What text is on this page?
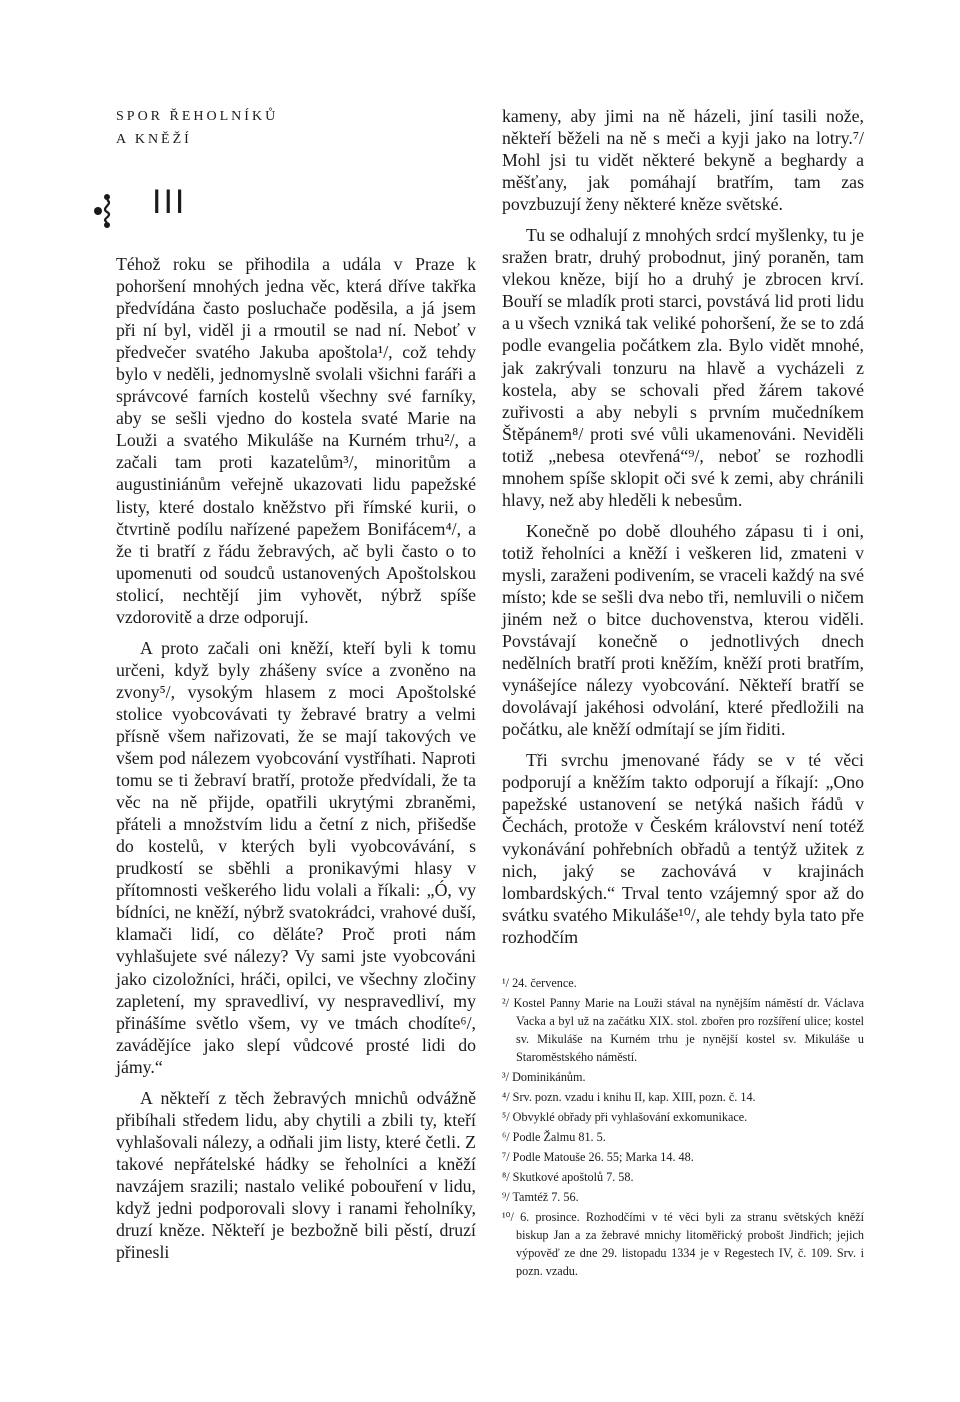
SPOR ŘEHOLNÍKŮ

A KNĚŽÍ

III

Téhož roku se přihodila a udála v Praze k pohoršení mnohých jedna věc, která dříve takřka předvídána často posluchače poděsila, a já jsem při ní byl, viděl ji a rmoutil se nad ní. Neboť v předvečer svatého Jakuba apoštola¹/, což tehdy bylo v neděli, jednomyslně svolali všichni faráři a správcové farních kostelů všechny své farníky, aby se sešli vjedno do kostela svaté Marie na Louži a svatého Mikuláše na Kurném trhu²/, a začali tam proti kazatelům³/, minoritům a augustiniánům veřejně ukazovati lidu papežské listy, které dostalo kněžstvo při římské kurii, o čtvrtině podílu nařízené papežem Bonifácem⁴/, a že ti bratří z řádu žebravých, ač byli často o to upomenuti od soudců ustanovených Apoštolskou stolicí, nechtějí jim vyhovět, nýbrž spíše vzdorovitě a drze odporují.

A proto začali oni kněží, kteří byli k tomu určeni, když byly zhášeny svíce a zvoněno na zvony⁵/, vysokým hlasem z moci Apoštolské stolice vyobcovávati ty žebravé bratry a velmi přísně všem nařizovati, že se mají takových ve všem pod nálezem vyobcování vystříhati. Naproti tomu se ti žebraví bratří, protože předvídali, že ta věc na ně přijde, opatřili ukrytými zbraněmi, přáteli a množstvím lidu a četní z nich, přišedše do kostelů, v kterých byli vyobcovávání, s prudkostí se sběhli a pronikavými hlasy v přítomnosti veškerého lidu volali a říkali: „Ó, vy bídníci, ne kněží, nýbrž svatokrádci, vrahové duší, klamači lidí, co děláte? Proč proti nám vyhlašujete své nálezy? Vy sami jste vyobcováni jako cizoložníci, hráči, opilci, ve všechny zločiny zapletení, my spravedliví, vy nespravedliví, my přinášíme světlo všem, vy ve tmách chodíte⁶/, zavádějíce jako slepí vůdcové prosté lidi do jámy.“

A někteří z těch žebravých mnichů odvážně přibíhali středem lidu, aby chytili a zbili ty, kteří vyhlašovali nálezy, a odňali jim listy, které četli. Z takové nepřátelské hádky se řeholníci a kněží navzájem srazili; nastalo veliké pobouření v lidu, když jedni podporovali slovy i ranami řeholníky, druzí kněze. Někteří je bezbožně bili pěstí, druzí přinesli

kameny, aby jimi na ně házeli, jiní tasili nože, někteří běželi na ně s meči a kyji jako na lotry.⁷/ Mohl jsi tu vidět některé bekyně a beghardy a měšťany, jak pomáhají bratřím, tam zas povzbuzují ženy některé kněze světské.

Tu se odhalují z mnohých srdcí myšlenky, tu je sražen bratr, druhý probodnut, jiný poraněn, tam vlekou kněze, bijí ho a druhý je zbrocen krví. Bouří se mladík proti starci, povstává lid proti lidu a u všech vzniká tak veliké pohoršení, že se to zdá podle evangelia počátkem zla. Bylo vidět mnohé, jak zakrývali tonzuru na hlavě a vycházeli z kostela, aby se schovali před žárem takové zuřivosti a aby nebyli s prvním mučedníkem Štěpánem⁸/ proti své vůli ukamenováni. Neviděli totiž „nebesa otevřená“⁹/, neboť se rozhodli mnohem spíše sklopit oči své k zemi, aby chránili hlavy, než aby hleděli k nebesům.

Konečně po době dlouhého zápasu ti i oni, totiž řeholníci a kněží i veškeren lid, zmateni v mysli, zaraženi podivením, se vraceli každý na své místo; kde se sešli dva nebo tři, nemluvili o ničem jiném než o bitce duchovenstva, kterou viděli. Povstávají konečně o jednotlivých dnech nedělních bratří proti kněžím, kněží proti bratřím, vynášejíce nálezy vyobcování. Někteří bratří se dovolávají jakéhosi odvolání, které předložili na počátku, ale kněží odmítají se jím řiditi.

Tři svrchu jmenované řády se v té věci podporují a kněžím takto odporují a říkají: „Ono papežské ustanovení se netýká našich řádů v Čechách, protože v Českém království není totéž vykonávání pohřebních obřadů a tentýž užitek z nich, jaký se zachovává v krajinách lombardských.“ Trval tento vzájemný spor až do svátku svatého Mikuláše¹⁰/, ale tehdy byla tato pře rozhodčím

¹/ 24. července.

²/ Kostel Panny Marie na Louži stával na nynějším náměstí dr. Václava Vacka a byl už na začátku XIX. stol. zbořen pro rozšíření ulice; kostel sv. Mikuláše na Kurném trhu je nynější kostel sv. Mikuláše u Staroměstského náměstí.

³/ Dominikánům.

⁴/ Srv. pozn. vzadu i knihu II, kap. XIII, pozn. č. 14.

⁵/ Obvyklé obřady při vyhlašování exkomunikace.

⁶/ Podle Žalmu 81. 5.

⁷/ Podle Matouše 26. 55; Marka 14. 48.

⁸/ Skutkové apoštolů 7. 58.

⁹/ Tamtéž 7. 56.

¹⁰/ 6. prosince. Rozhodčími v té věci byli za stranu světských kněží biskup Jan a za žebravé mnichy litoměřický probošt Jindřich; jejich výpověď ze dne 29. listopadu 1334 je v Regestech IV, č. 109. Srv. i pozn. vzadu.
